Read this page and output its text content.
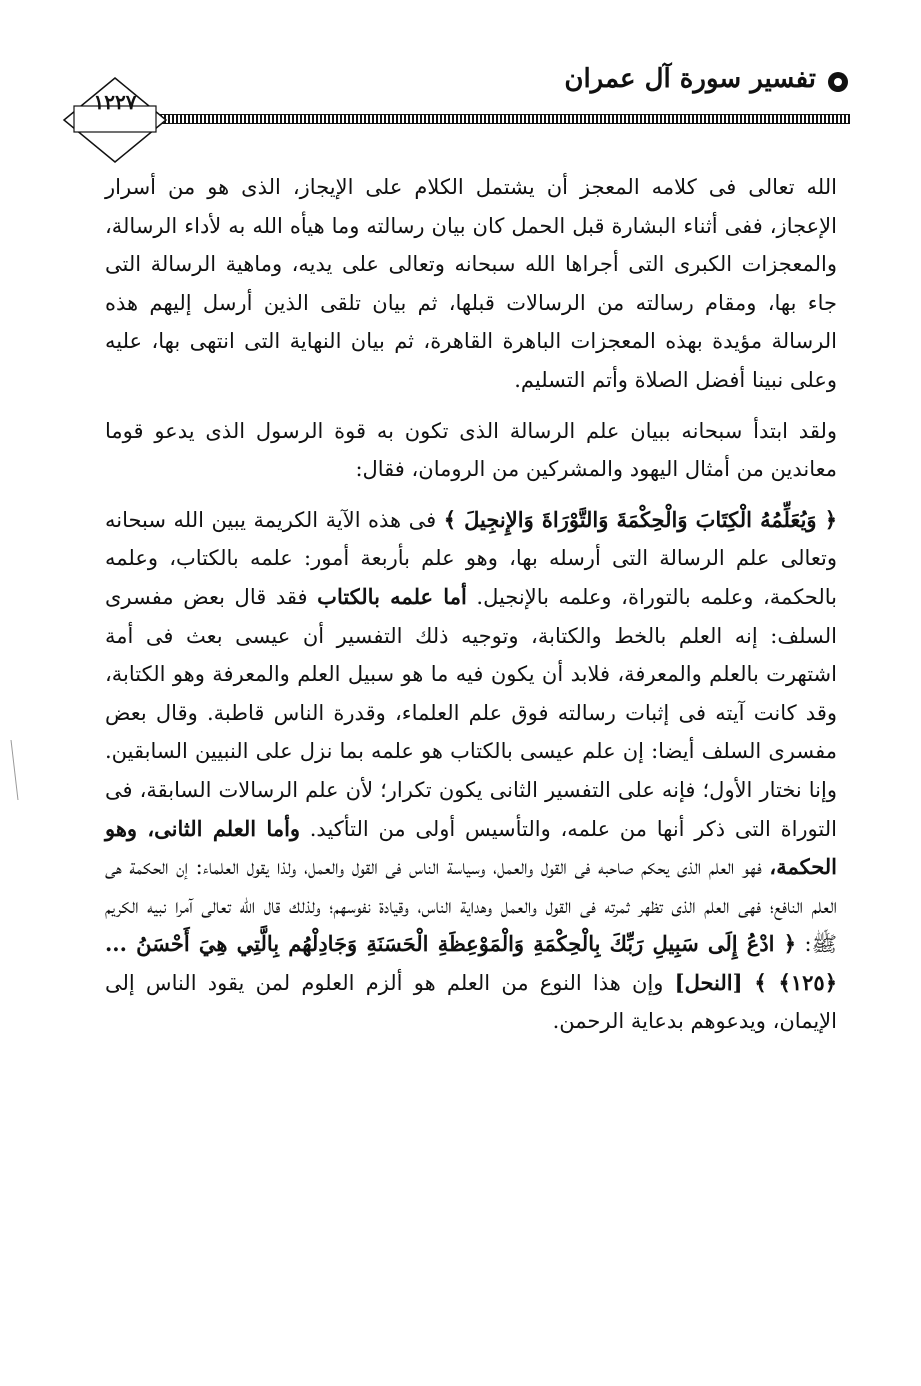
تفسير سورة آل عمران
١٢٢٧

الله تعالى فى كلامه المعجز أن يشتمل الكلام على الإيجاز، الذى هو من أسرار الإعجاز، ففى أثناء البشارة قبل الحمل كان بيان رسالته وما هيأه الله به لأداء الرسالة، والمعجزات الكبرى التى أجراها الله سبحانه وتعالى على يديه، وماهية الرسالة التى جاء بها، ومقام رسالته من الرسالات قبلها، ثم بيان تلقى الذين أرسل إليهم هذه الرسالة مؤيدة بهذه المعجزات الباهرة القاهرة، ثم بيان النهاية التى انتهى بها، عليه وعلى نبينا أفضل الصلاة وأتم التسليم.

ولقد ابتدأ سبحانه ببيان علم الرسالة الذى تكون به قوة الرسول الذى يدعو قوما معاندين من أمثال اليهود والمشركين من الرومان، فقال:

﴿ وَيُعَلِّمُهُ الْكِتَابَ وَالْحِكْمَةَ وَالتَّوْرَاةَ وَالإِنجِيلَ ﴾ فى هذه الآية الكريمة يبين الله سبحانه وتعالى علم الرسالة التى أرسله بها، وهو علم بأربعة أمور: علمه بالكتاب، وعلمه بالحكمة، وعلمه بالتوراة، وعلمه بالإنجيل. أما علمه بالكتاب فقد قال بعض مفسرى السلف: إنه العلم بالخط والكتابة، وتوجيه ذلك التفسير أن عيسى بعث فى أمة اشتهرت بالعلم والمعرفة، فلابد أن يكون فيه ما هو سبيل العلم والمعرفة وهو الكتابة، وقد كانت آيته فى إثبات رسالته فوق علم العلماء، وقدرة الناس قاطبة. وقال بعض مفسرى السلف أيضا: إن علم عيسى بالكتاب هو علمه بما نزل على النبيين السابقين. وإنا نختار الأول؛ فإنه على التفسير الثانى يكون تكرار؛ لأن علم الرسالات السابقة، فى التوراة التى ذكر أنها من علمه، والتأسيس أولى من التأكيد. وأما العلم الثانى، وهو الحكمة، فهو العلم الذى يحكم صاحبه فى القول والعمل، وسياسة الناس فى القول والعمل، ولذا يقول العلماء: إن الحكمة هى العلم النافع؛ فهى العلم الذى تظهر ثمرته فى القول والعمل وهداية الناس، وقيادة نفوسهم؛ ولذلك قال الله تعالى آمرا نبيه الكريم ﷺ: ﴿ ادْعُ إِلَى سَبِيلِ رَبِّكَ بِالْحِكْمَةِ وَالْمَوْعِظَةِ الْحَسَنَةِ وَجَادِلْهُم بِالَّتِي هِيَ أَحْسَنُ ... ﴿١٢٥﴾ ﴾ [النحل] وإن هذا النوع من العلم هو ألزم العلوم لمن يقود الناس إلى الإيمان، ويدعوهم بدعاية الرحمن.
